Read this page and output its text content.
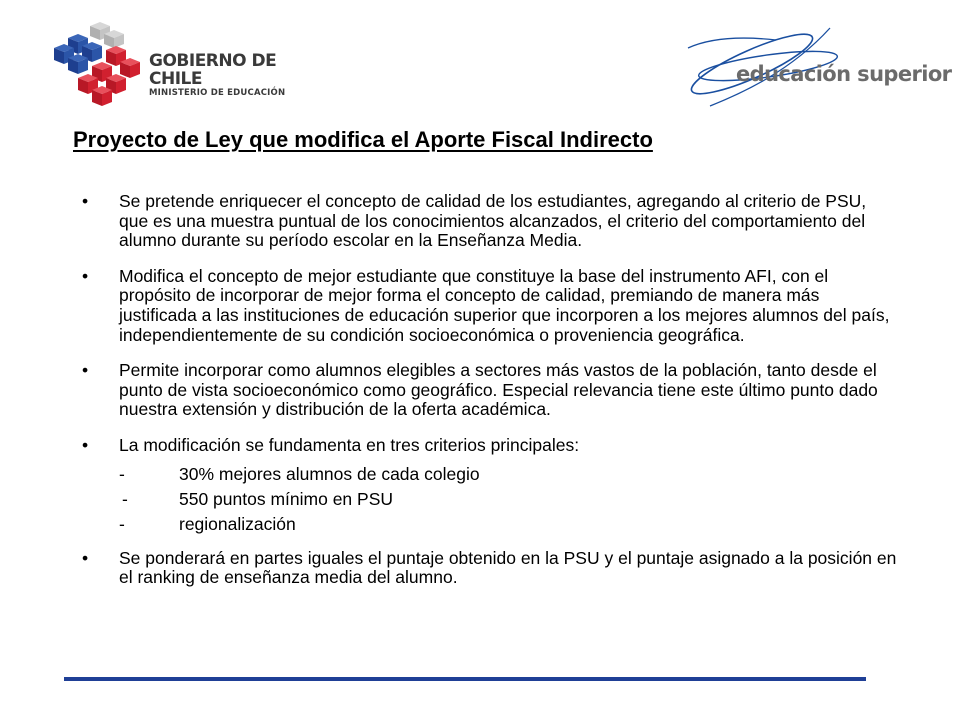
GOBIERNO DE CHILE
MINISTERIO DE EDUCACIÓN
educación superior
Proyecto de Ley que modifica el Aporte Fiscal Indirecto
•	Se pretende enriquecer el concepto de calidad de los estudiantes, agregando al criterio de PSU, que es una muestra puntual de los conocimientos alcanzados, el criterio del comportamiento del alumno durante su período escolar en la Enseñanza Media.
•	Modifica el concepto de mejor estudiante que constituye la base del instrumento AFI, con el propósito de incorporar de mejor forma el concepto de calidad, premiando de manera más justificada a las instituciones de educación superior que incorporen a los mejores alumnos del país, independientemente de su condición socioeconómica o proveniencia geográfica.
•	Permite incorporar como alumnos elegibles a sectores más vastos de la población, tanto desde el punto de vista socioeconómico como geográfico. Especial relevancia tiene este último punto dado nuestra extensión y distribución de la oferta académica.
•	La modificación se fundamenta en tres criterios principales:
-	30% mejores alumnos de cada colegio
-	550 puntos mínimo en PSU
-	regionalización
•	Se ponderará en partes iguales el puntaje obtenido en la PSU y el puntaje asignado a la posición en el ranking de enseñanza media del alumno.
